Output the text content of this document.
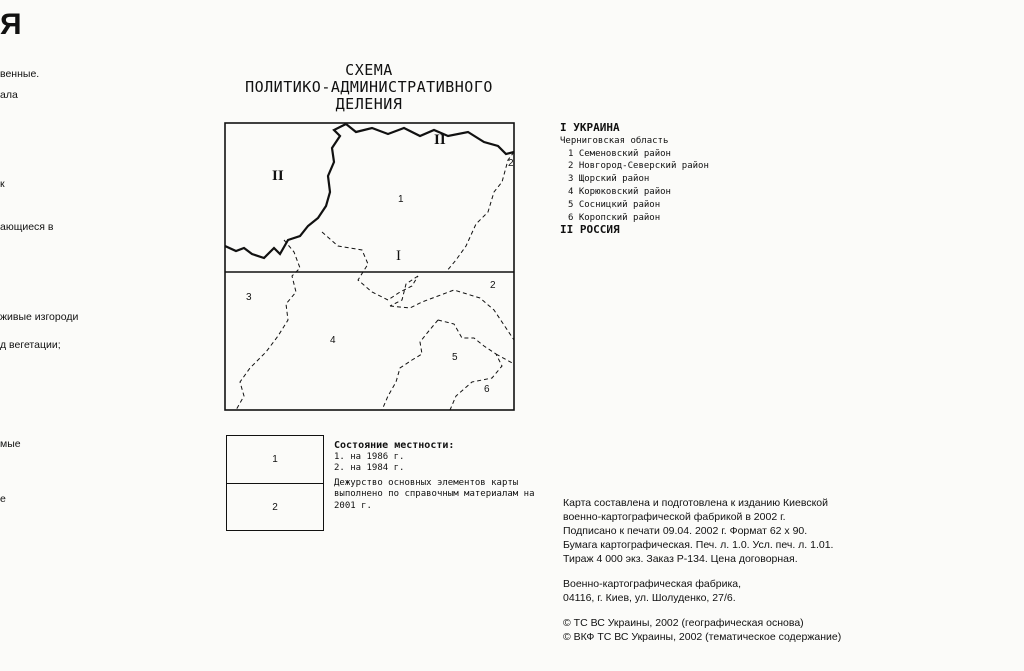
Я
венные.
ала
к
ающиеся в
живые изгороди
д вегетации;
мые
е
СХЕМА
ПОЛИТИКО-АДМИНИСТРАТИВНОГО
ДЕЛЕНИЯ
II
II
I
1
2
2
3
4
5
6
I УКРАИНА
Черниговская область
1 Семеновский район
2 Новгород-Северский район
3 Щорский район
4 Корюковский район
5 Сосницкий район
6 Коропский район
II РОССИЯ
1
2
Состояние местности:
1. на 1986 г.
2. на 1984 г.
Дежурство основных элементов карты выполнено по справочным материалам на 2001 г.	Карта составлена и подготовлена к изданию Киевской
военно-картографической фабрикой в 2002 г.
Подписано к печати 09.04. 2002 г. Формат 62 x 90.
Бумага картографическая. Печ. л. 1.0. Усл. печ. л. 1.01.
Тираж 4 000 экз. Заказ Р-134. Цена договорная.
Военно-картографическая фабрика,
04116, г. Киев, ул. Шолуденко, 27/6.
© ТС ВС Украины, 2002 (географическая основа)
© ВКФ ТС ВС Украины, 2002 (тематическое содержание)
